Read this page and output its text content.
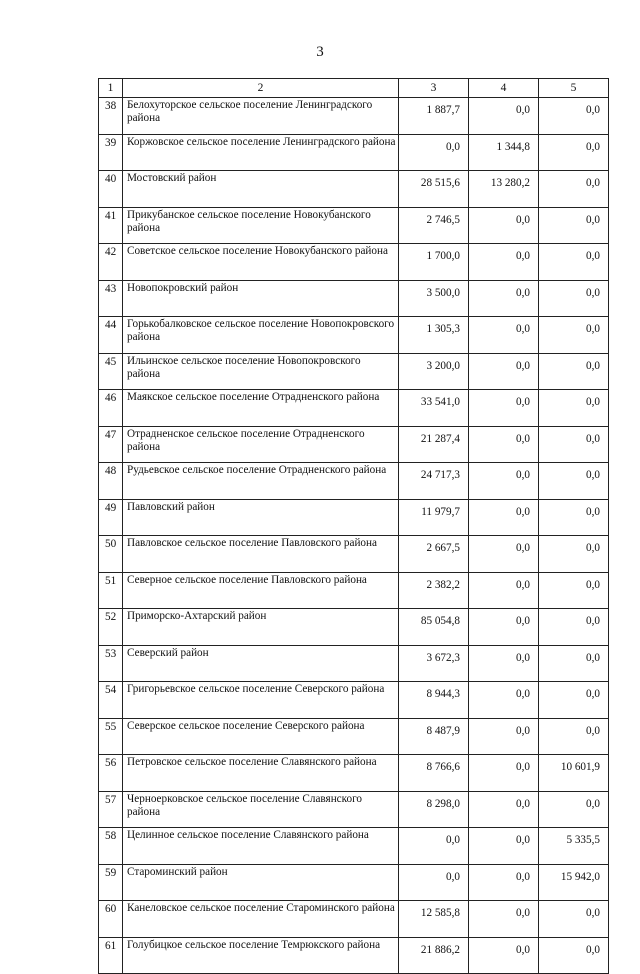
3
1	2	3	4	5
38	Белохуторское сельское поселение Ленинградского района	1 887,7	0,0	0,0
39	Коржовское сельское поселение Ленинградского района	0,0	1 344,8	0,0
40	Мостовский район	28 515,6	13 280,2	0,0
41	Прикубанское сельское поселение Новокубанского района	2 746,5	0,0	0,0
42	Советское сельское поселение Новокубанского района	1 700,0	0,0	0,0
43	Новопокровский район	3 500,0	0,0	0,0
44	Горькобалковское сельское поселение Новопокровского района	1 305,3	0,0	0,0
45	Ильинское сельское поселение Новопокровского района	3 200,0	0,0	0,0
46	Маякское сельское поселение Отрадненского района	33 541,0	0,0	0,0
47	Отрадненское сельское поселение Отрадненского района	21 287,4	0,0	0,0
48	Рудьевское сельское поселение Отрадненского района	24 717,3	0,0	0,0
49	Павловский район	11 979,7	0,0	0,0
50	Павловское сельское поселение Павловского района	2 667,5	0,0	0,0
51	Северное сельское поселение Павловского района	2 382,2	0,0	0,0
52	Приморско-Ахтарский район	85 054,8	0,0	0,0
53	Северский район	3 672,3	0,0	0,0
54	Григорьевское сельское поселение Северского района	8 944,3	0,0	0,0
55	Северское сельское поселение Северского района	8 487,9	0,0	0,0
56	Петровское сельское поселение Славянского района	8 766,6	0,0	10 601,9
57	Черноерковское сельское поселение Славянского района	8 298,0	0,0	0,0
58	Целинное сельское поселение Славянского района	0,0	0,0	5 335,5
59	Староминский район	0,0	0,0	15 942,0
60	Канеловское сельское поселение Староминского района	12 585,8	0,0	0,0
61	Голубицкое сельское поселение Темрюкского района	21 886,2	0,0	0,0
